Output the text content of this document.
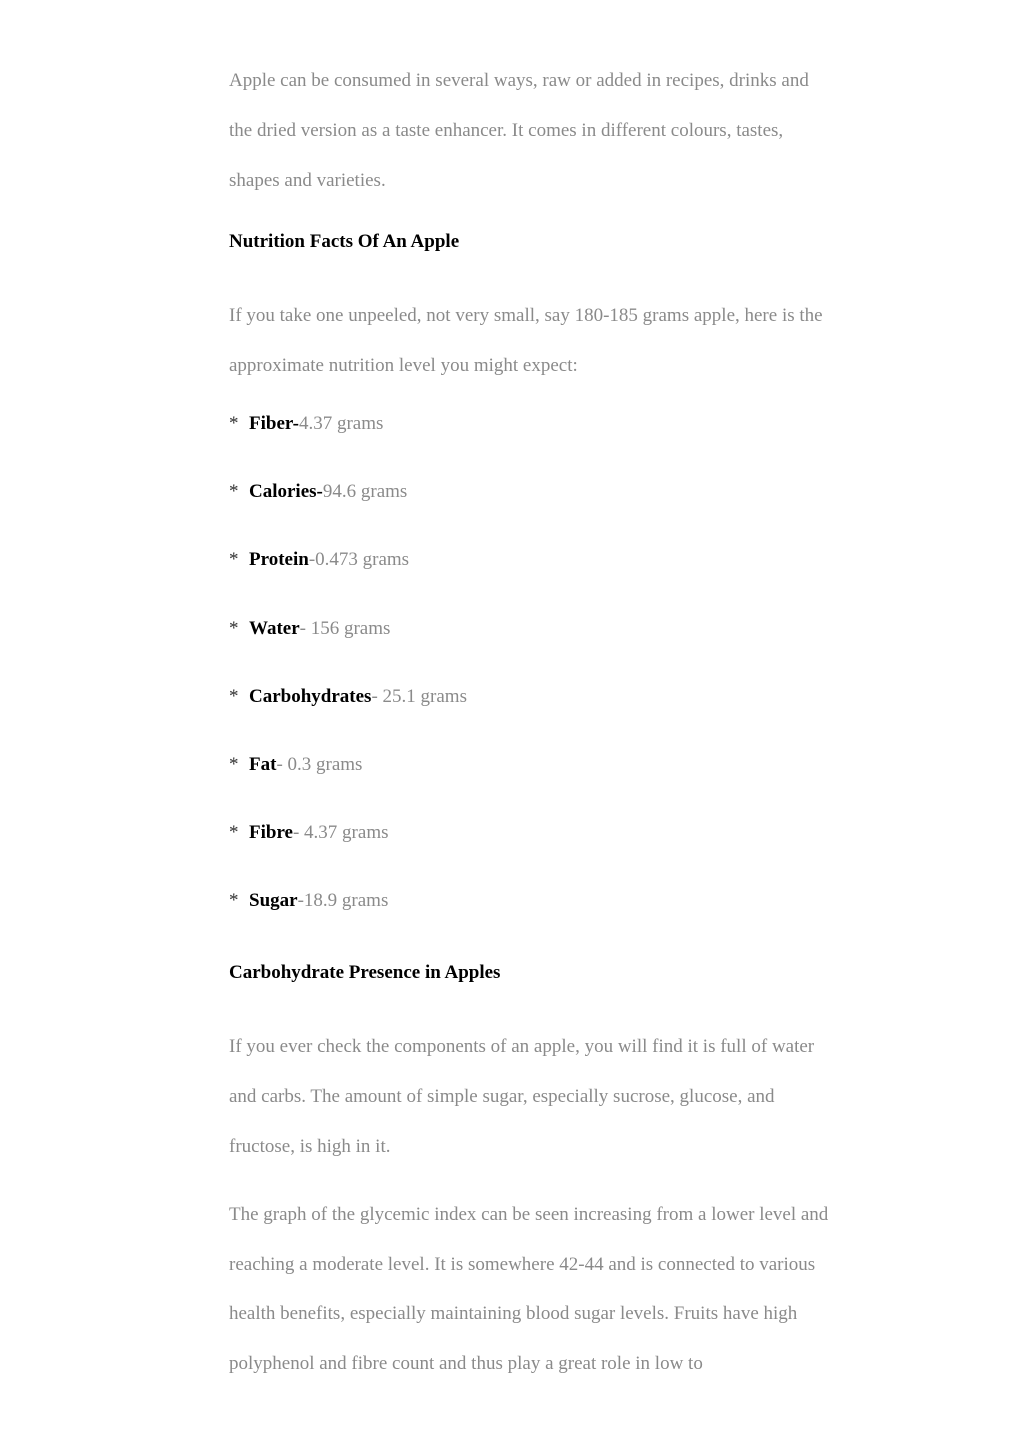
Apple can be consumed in several ways, raw or added in recipes, drinks and the dried version as a taste enhancer. It comes in different colours, tastes, shapes and varieties.

Nutrition Facts Of An Apple

If you take one unpeeled, not very small, say 180-185 grams apple, here is the approximate nutrition level you might expect:

* Fiber-4.37 grams
* Calories-94.6 grams
* Protein-0.473 grams
* Water- 156 grams
* Carbohydrates- 25.1 grams
* Fat- 0.3 grams
* Fibre- 4.37 grams
* Sugar-18.9 grams
Carbohydrate Presence in Apples

If you ever check the components of an apple, you will find it is full of water and carbs. The amount of simple sugar, especially sucrose, glucose, and fructose, is high in it.

The graph of the glycemic index can be seen increasing from a lower level and reaching a moderate level. It is somewhere 42-44 and is connected to various health benefits, especially maintaining blood sugar levels. Fruits have high polyphenol and fibre count and thus play a great role in low to
